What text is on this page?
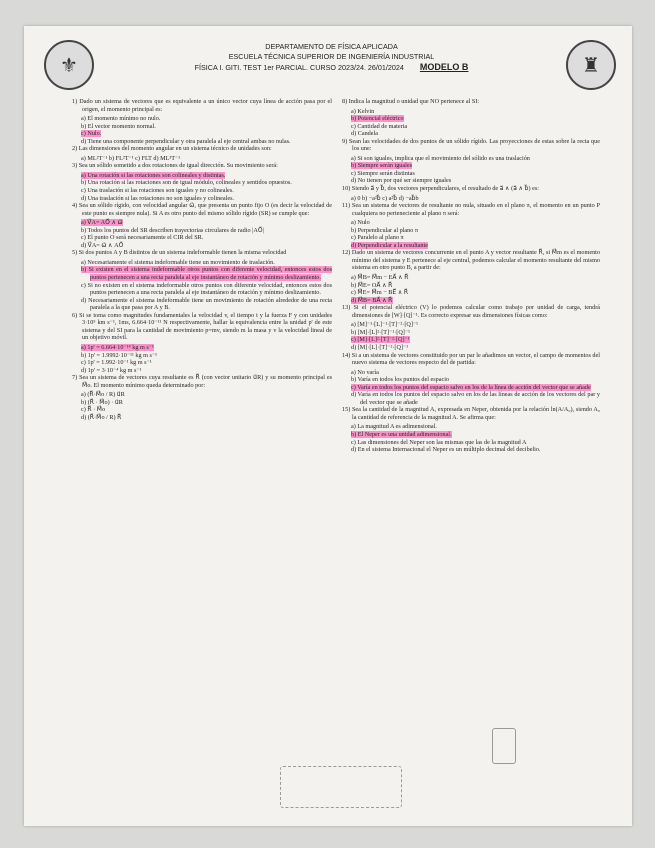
⚜	♜
DEPARTAMENTO DE FÍSICA APLICADA
ESCUELA TÉCNICA SUPERIOR DE INGENIERÍA INDUSTRIAL
FÍSICA I. GITI. TEST 1er PARCIAL. CURSO 2023/24. 26/01/2024 MODELO B
1) Dado un sistema de vectores que es equivalente a un único vector cuya línea de acción pasa por el origen, el momento principal es:
a) El momento mínimo no nulo.
b) El vector momento normal.
c) Nulo.
d) Tiene una componente perpendicular y otra paralela al eje central ambas no nulas.
2) Las dimensiones del momento angular en un sistema técnico de unidades son:
a) ML²T⁻¹ b) FL²T⁻¹ c) FLT d) ML³T⁻¹
3) Sea un sólido sometido a dos rotaciones de igual dirección. Su movimiento será:
a) Una rotación si las rotaciones son colineales y distintas.
b) Una rotación si las rotaciones son de igual módulo, colineales y sentidos opuestos.
c) Una traslación si las rotaciones son iguales y no colineales.
d) Una traslación si las rotaciones no son iguales y colineales.
4) Sea un sólido rígido, con velocidad angular ω⃗, que presenta un punto fijo O (es decir la velocidad de este punto es siempre nula). Si A es otro punto del mismo sólido rígido (SR) se cumple que:
a) V⃗A= AO⃗ ∧ ω⃗
b) Todos los puntos del SR describen trayectorias circulares de radio |AO⃗|
c) El punto O será necesariamente el CIR del SR.
d) V⃗A= ω⃗ ∧ AO⃗
5) Si dos puntos A y B distintos de un sistema indeformable tienen la misma velocidad
a) Necesariamente el sistema indeformable tiene un movimiento de traslación.
b) Si existen en el sistema indeformable otros puntos con diferente velocidad, entonces estos dos puntos pertenecen a una recta paralela al eje instantáneo de rotación y mínimo deslizamiento.
c) Si no existen en el sistema indeformable otros puntos con diferente velocidad, entonces estos dos puntos pertenecen a una recta paralela al eje instantáneo de rotación y mínimo deslizamiento.
d) Necesariamente el sistema indeformable tiene un movimiento de rotación alrededor de una recta paralela a la que pasa por A y B.
6) Si se toma como magnitudes fundamentales la velocidad v, el tiempo t y la fuerza F y con unidades 3·10⁵ km s⁻¹, 1ms, 6.664·10⁻¹¹ N respectivamente, hallar la equivalencia entre la unidad p' de este sistema y del SI para la cantidad de movimiento p=mv, siendo m la masa y v la velocidad lineal de un objetivo móvil.
a) 1p' = 6.664·10⁻¹⁴ kg m s⁻¹
b) 1p' = 1.9992·10⁻¹¹ kg m s⁻¹
c) 1p' = 1.992·10⁻¹ kg m s⁻¹
d) 1p' = 3·10⁻⁴ kg m s⁻¹
7) Sea un sistema de vectores cuya resultante es R⃗ (con vector unitario u⃗R) y su momento principal es M⃗o. El momento mínimo queda determinado por:
a) (R⃗·M⃗o / R) u⃗R
b) (R⃗ · M⃗o) · u⃗R
c) R⃗ · M⃗o
d) (R⃗·M⃗o / R) R⃗
8) Indica la magnitud o unidad que NO pertenece al SI:
a) Kelvin
b) Potencial eléctrico
c) Cantidad de materia
d) Candela
9) Sean las velocidades de dos puntos de un sólido rígido. Las proyecciones de estas sobre la recta que los une:
a) Si son iguales, implica que el movimiento del sólido es una traslación
b) Siempre serán iguales
c) Siempre serán distintas
d) No tienen por qué ser siempre iguales
10) Siendo a⃗ y b⃗, dos vectores perpendiculares, el resultado de a⃗ ∧ (a⃗ ∧ b⃗) es:
a) 0 b) −a²b⃗ c) a²b⃗ d) −ab⃗b
11) Sea un sistema de vectores de resultante no nula, situado en el plano π, el momento en un punto P cualquiera no perteneciente al plano π será:
a) Nulo
b) Perpendicular al plano π
c) Paralelo al plano π
d) Perpendicular a la resultante
12) Dado un sistema de vectores concurrente en el punto A y vector resultante R⃗, si M⃗m es el momento mínimo del sistema y E pertenece al eje central, podemos calcular el momento resultante del mismo sistema en otro punto B, a partir de:
a) M⃗B= M⃗m − EA⃗ ∧ R⃗
b) M⃗E= OA⃗ ∧ R⃗
c) M⃗E= M⃗m − BE⃗ ∧ R⃗
d) M⃗B= BA⃗ ∧ R⃗
13) Si el potencial eléctrico (V) lo podemos calcular como trabajo por unidad de carga, tendrá dimensiones de [W]·[Q]⁻¹. Es correcto expresar sus dimensiones físicas como:
a) [M]⁻¹·[L]⁻¹·[T]⁻²·[Q]⁻¹
b) [M]·[L]²·[T]⁻¹·[Q]⁻¹
c) [M]·[L]²·[T]⁻²·[Q]⁻¹
d) [M]·[L]·[T]⁻²·[Q]⁻¹
14) Si a un sistema de vectores constituido por un par le añadimos un vector, el campo de momentos del nuevo sistema de vectores respecto del de partida:
a) No varía
b) Varía en todos los puntos del espacio
c) Varía en todos los puntos del espacio salvo en los de la línea de acción del vector que se añade
d) Varía en todos los puntos del espacio salvo en los de las líneas de acción de los vectores del par y del vector que se añade
15) Sea la cantidad de la magnitud A, expresada en Neper, obtenida por la relación ln(A/A₀), siendo A₀ la cantidad de referencia de la magnitud A. Se afirma que:
a) La magnitud A es adimensional.
b) El Neper es una unidad adimensional.
c) Las dimensiones del Neper son las mismas que las de la magnitud A
d) En el sistema Internacional el Neper es un múltiplo decimal del decibelio.
